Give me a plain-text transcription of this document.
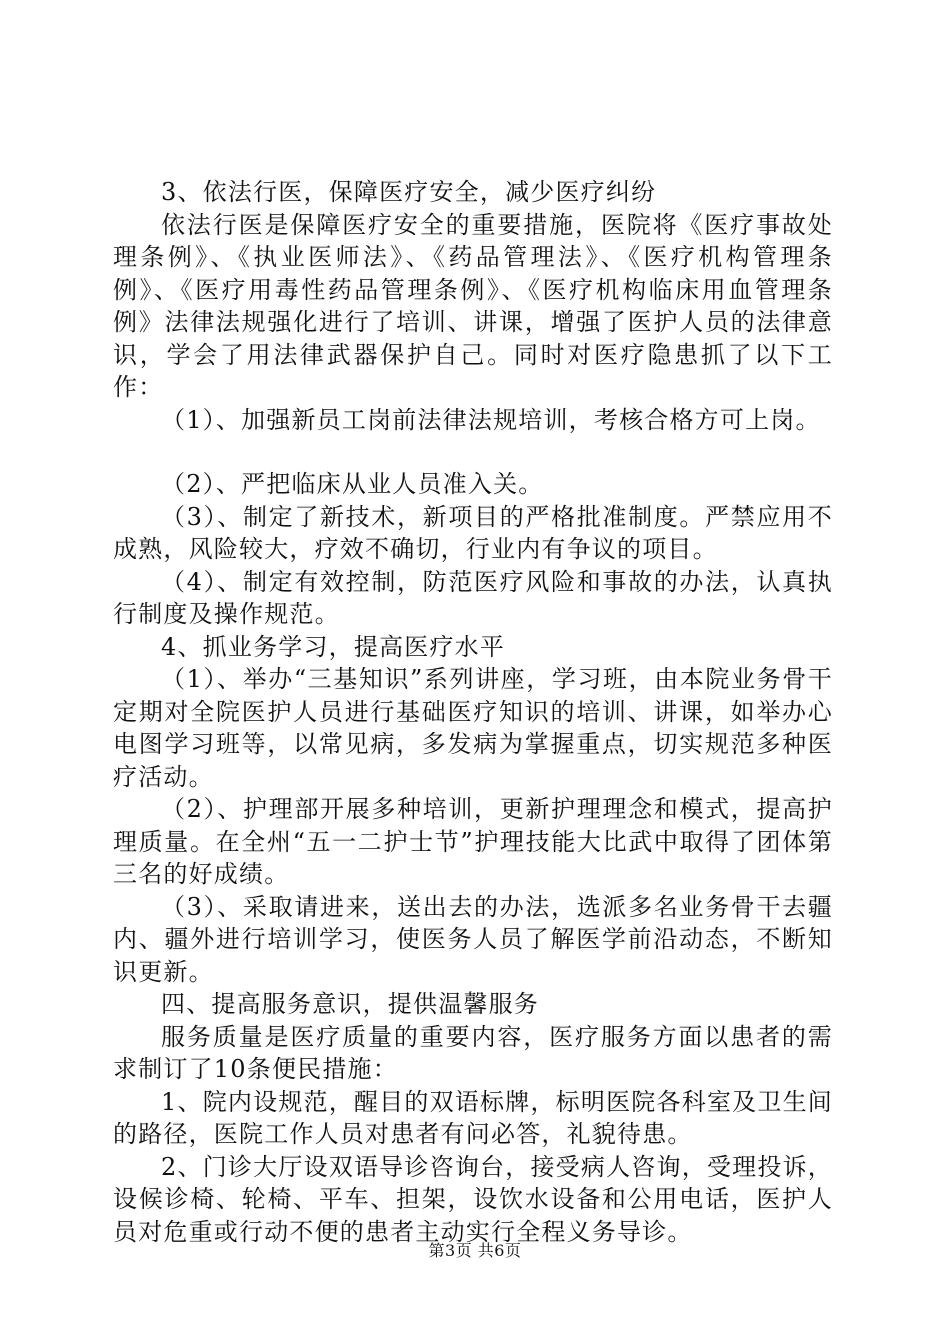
3、依法行医，保障医疗安全，减少医疗纠纷

依法行医是保障医疗安全的重要措施，医院将《医疗事故处理条例》、《执业医师法》、《药品管理法》、《医疗机构管理条例》、《医疗用毒性药品管理条例》、《医疗机构临床用血管理条例》法律法规强化进行了培训、讲课，增强了医护人员的法律意识，学会了用法律武器保护自己。同时对医疗隐患抓了以下工作：

（1）、加强新员工岗前法律法规培训，考核合格方可上岗。

（2）、严把临床从业人员准入关。

（3）、制定了新技术，新项目的严格批准制度。严禁应用不成熟，风险较大，疗效不确切，行业内有争议的项目。

（4）、制定有效控制，防范医疗风险和事故的办法，认真执行制度及操作规范。

4、抓业务学习，提高医疗水平

（1）、举办“三基知识”系列讲座，学习班，由本院业务骨干定期对全院医护人员进行基础医疗知识的培训、讲课，如举办心电图学习班等，以常见病，多发病为掌握重点，切实规范多种医疗活动。

（2）、护理部开展多种培训，更新护理理念和模式，提高护理质量。在全州“五一二护士节”护理技能大比武中取得了团体第三名的好成绩。

（3）、采取请进来，送出去的办法，选派多名业务骨干去疆内、疆外进行培训学习，使医务人员了解医学前沿动态，不断知识更新。

四、提高服务意识，提供温馨服务

服务质量是医疗质量的重要内容，医疗服务方面以患者的需求制订了10条便民措施：

1、院内设规范，醒目的双语标牌，标明医院各科室及卫生间的路径，医院工作人员对患者有问必答，礼貌待患。

2、门诊大厅设双语导诊咨询台，接受病人咨询，受理投诉，设候诊椅、轮椅、平车、担架，设饮水设备和公用电话，医护人员对危重或行动不便的患者主动实行全程义务导诊。

第3页 共6页
